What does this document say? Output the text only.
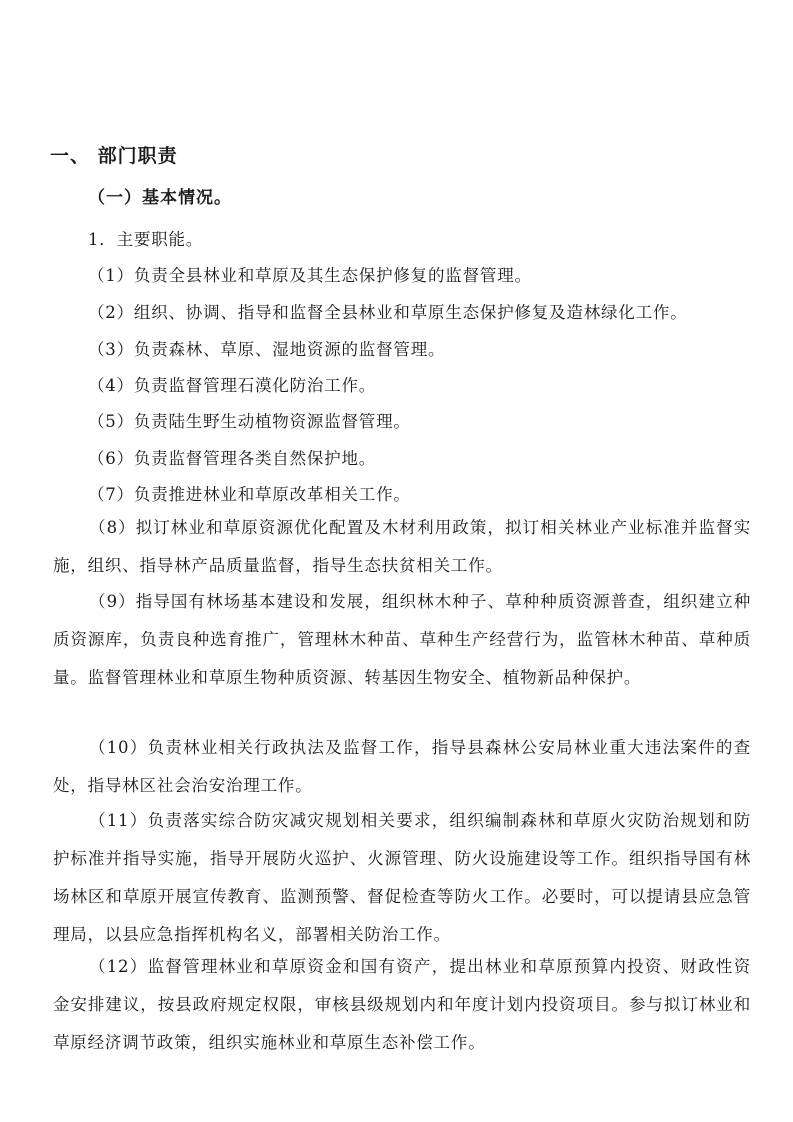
一、 部门职责
（一）基本情况。
1．主要职能。
（1）负责全县林业和草原及其生态保护修复的监督管理。
（2）组织、协调、指导和监督全县林业和草原生态保护修复及造林绿化工作。
（3）负责森林、草原、湿地资源的监督管理。
（4）负责监督管理石漠化防治工作。
（5）负责陆生野生动植物资源监督管理。
（6）负责监督管理各类自然保护地。
（7）负责推进林业和草原改革相关工作。
（8）拟订林业和草原资源优化配置及木材利用政策，拟订相关林业产业标准并监督实施，组织、指导林产品质量监督，指导生态扶贫相关工作。
（9）指导国有林场基本建设和发展，组织林木种子、草种种质资源普查，组织建立种质资源库，负责良种选育推广，管理林木种苗、草种生产经营行为，监管林木种苗、草种质量。监督管理林业和草原生物种质资源、转基因生物安全、植物新品种保护。
（10）负责林业相关行政执法及监督工作，指导县森林公安局林业重大违法案件的查处，指导林区社会治安治理工作。
（11）负责落实综合防灾减灾规划相关要求，组织编制森林和草原火灾防治规划和防护标准并指导实施，指导开展防火巡护、火源管理、防火设施建设等工作。组织指导国有林场林区和草原开展宣传教育、监测预警、督促检查等防火工作。必要时，可以提请县应急管理局，以县应急指挥机构名义，部署相关防治工作。
（12）监督管理林业和草原资金和国有资产，提出林业和草原预算内投资、财政性资金安排建议，按县政府规定权限，审核县级规划内和年度计划内投资项目。参与拟订林业和草原经济调节政策，组织实施林业和草原生态补偿工作。
